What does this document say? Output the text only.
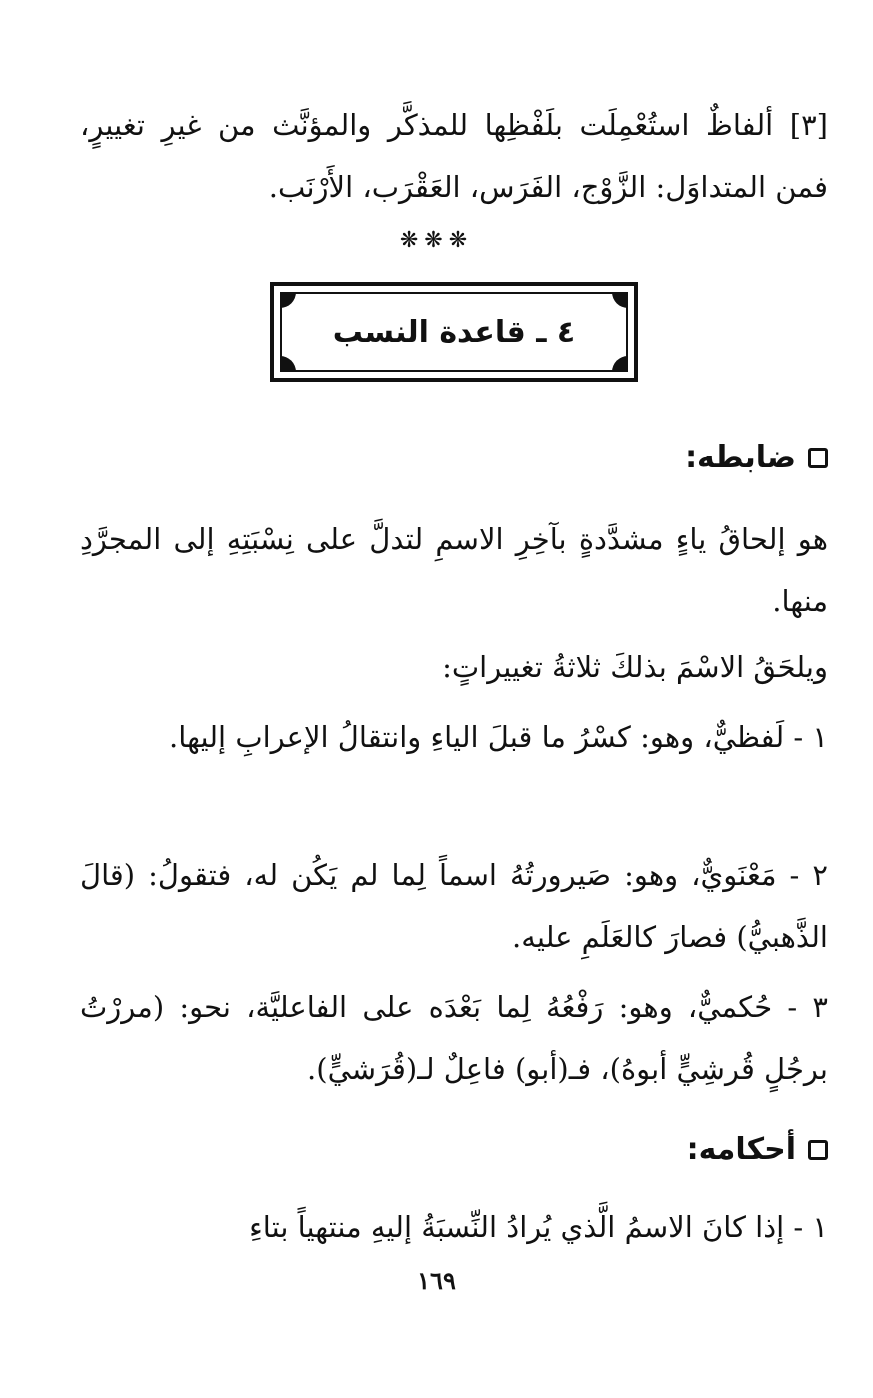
[٣] ألفاظٌ استُعْمِلَت بلَفْظِها للمذكَّر والمؤنَّث من غيرِ تغييرٍ، فمن المتداوَل: الزَّوْج، الفَرَس، العَقْرَب، الأَرْنَب.

❋❋❋
٤ ـ قاعدة النسب
ضابطه:

هو إلحاقُ ياءٍ مشدَّدةٍ بآخِرِ الاسمِ لتدلَّ على نِسْبَتِهِ إلى المجرَّدِ منها.

ويلحَقُ الاسْمَ بذلكَ ثلاثةُ تغييراتٍ:

١ - لَفظيٌّ، وهو: كسْرُ ما قبلَ الياءِ وانتقالُ الإعرابِ إليها.

٢ - مَعْنَويٌّ، وهو: صَيرورتُهُ اسماً لِما لم يَكُن له، فتقولُ: (قالَ الذَّهبيُّ) فصارَ كالعَلَمِ عليه.

٣ - حُكميٌّ، وهو: رَفْعُهُ لِما بَعْدَه على الفاعليَّة، نحو: (مررْتُ برجُلٍ قُرشِيٍّ أبوهُ)، فـ(أبو) فاعِلٌ لـ(قُرَشيٍّ).

أحكامه:

١ - إذا كانَ الاسمُ الَّذي يُرادُ النِّسبَةُ إليهِ منتهياً بتاءِ

١٦٩
